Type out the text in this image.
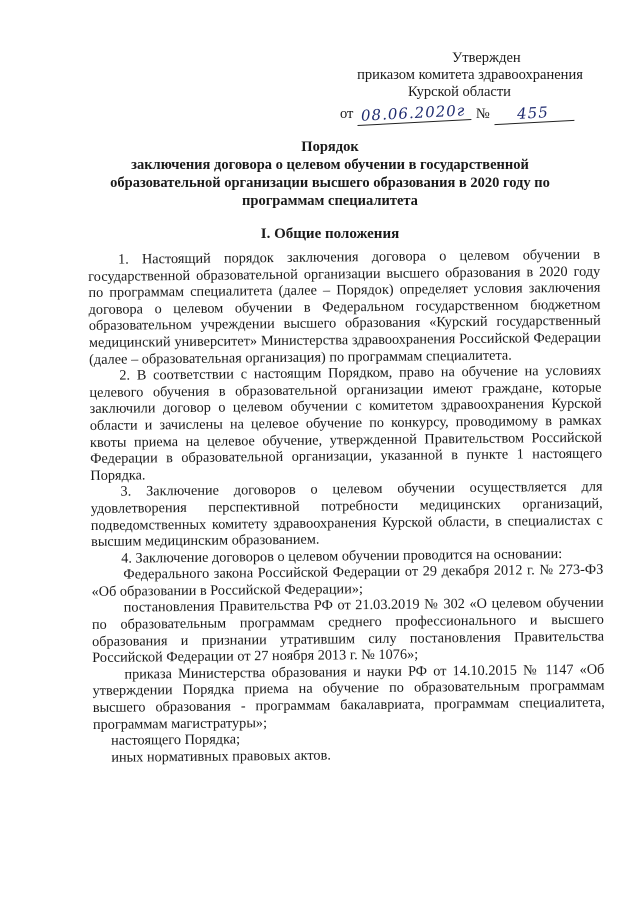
Утвержден
приказом комитета здравоохранения
Курской области
от 08.06.2020г №	455
Порядок
заключения договора о целевом обучении в государственной
образовательной организации высшего образования в 2020 году по
программам специалитета
I. Общие положения

1. Настоящий порядок заключения договора о целевом обучении в государственной образовательной организации высшего образования в 2020 году по программам специалитета (далее – Порядок) определяет условия заключения договора о целевом обучении в Федеральном государственном бюджетном образовательном учреждении высшего образования «Курский государственный медицинский университет» Министерства здравоохранения Российской Федерации (далее – образовательная организация) по программам специалитета.

2. В соответствии с настоящим Порядком, право на обучение на условиях целевого обучения в образовательной организации имеют граждане, которые заключили договор о целевом обучении с комитетом здравоохранения Курской области и зачислены на целевое обучение по конкурсу, проводимому в рамках квоты приема на целевое обучение, утвержденной Правительством Российской Федерации в образовательной организации, указанной в пункте 1 настоящего Порядка.

3. Заключение договоров о целевом обучении осуществляется для удовлетворения перспективной потребности медицинских организаций, подведомственных комитету здравоохранения Курской области, в специалистах с высшим медицинским образованием.

4. Заключение договоров о целевом обучении проводится на основании:

Федерального закона Российской Федерации от 29 декабря 2012 г. № 273-ФЗ «Об образовании в Российской Федерации»;

постановления Правительства РФ от 21.03.2019 № 302 «О целевом обучении по образовательным программам среднего профессионального и высшего образования и признании утратившим силу постановления Правительства Российской Федерации от 27 ноября 2013 г. № 1076»;

приказа Министерства образования и науки РФ от 14.10.2015 № 1147 «Об утверждении Порядка приема на обучение по образовательным программам высшего образования - программам бакалавриата, программам специалитета, программам магистратуры»;

настоящего Порядка;

иных нормативных правовых актов.
